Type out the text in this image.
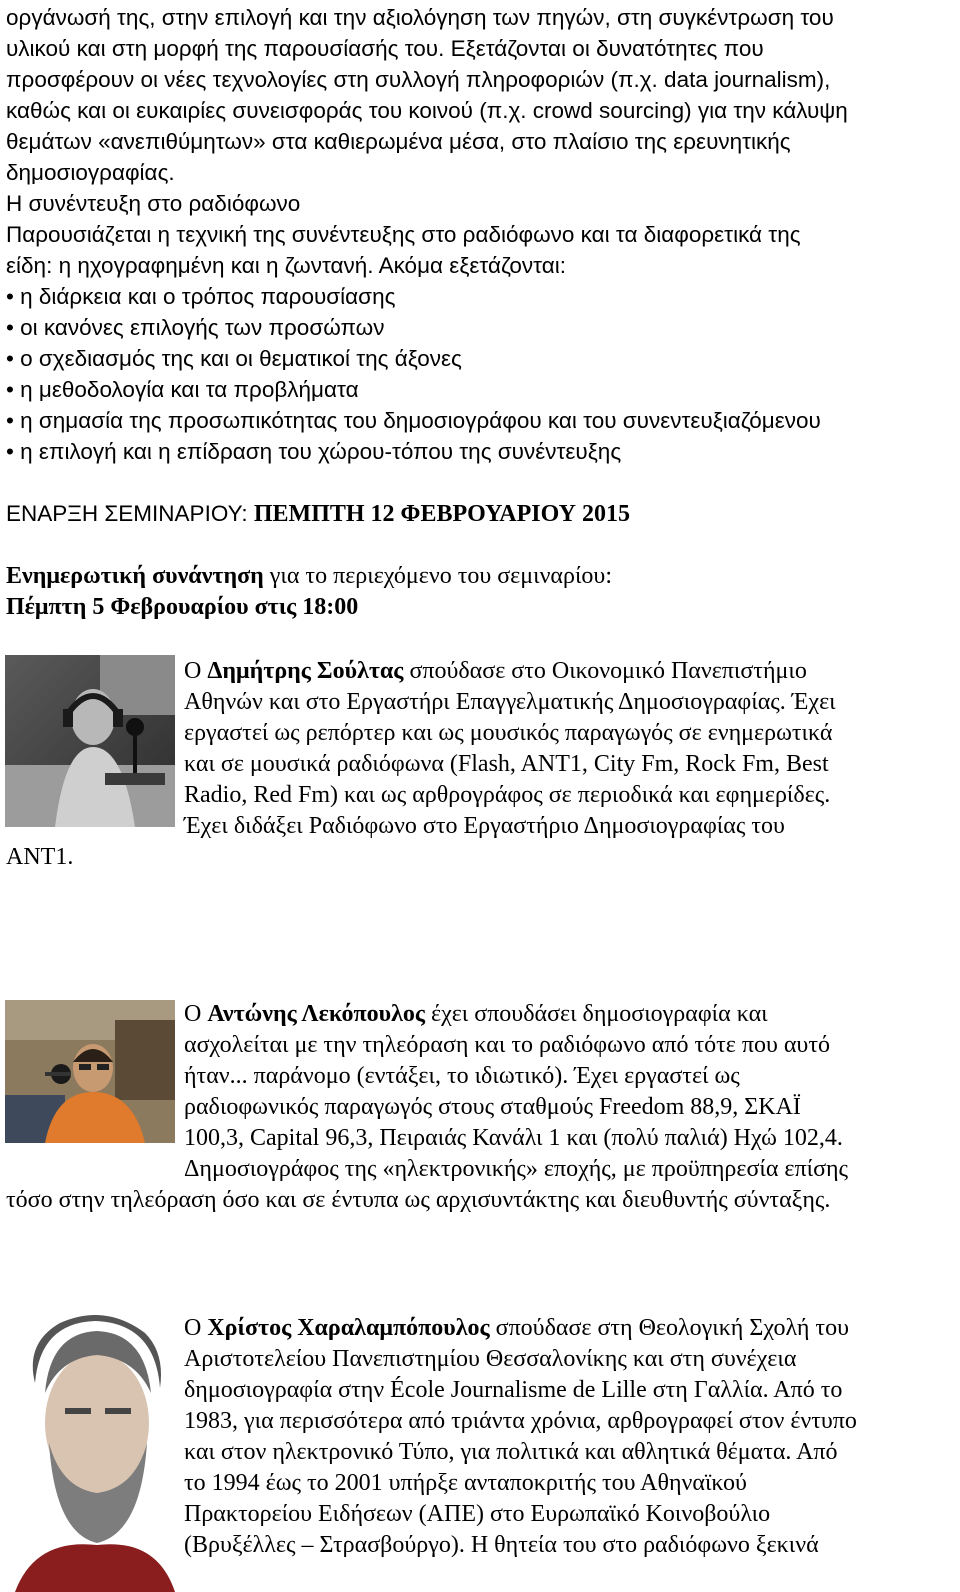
οργάνωσή της, στην επιλογή και την αξιολόγηση των πηγών, στη συγκέντρωση του
υλικού και στη μορφή της παρουσίασής του. Εξετάζονται οι δυνατότητες που
προσφέρουν οι νέες τεχνολογίες στη συλλογή πληροφοριών (π.χ. data journalism),
καθώς και οι ευκαιρίες συνεισφοράς του κοινού (π.χ. crowd sourcing) για την κάλυψη
θεμάτων «ανεπιθύμητων» στα καθιερωμένα μέσα, στο πλαίσιο της ερευνητικής
δημοσιογραφίας.
Η συνέντευξη στο ραδιόφωνο
Παρουσιάζεται η τεχνική της συνέντευξης στο ραδιόφωνο και τα διαφορετικά της
είδη: η ηχογραφημένη και η ζωντανή. Ακόμα εξετάζονται:
• η διάρκεια και ο τρόπος παρουσίασης
• οι κανόνες επιλογής των προσώπων
• ο σχεδιασμός της και οι θεματικοί της άξονες
• η μεθοδολογία και τα προβλήματα
• η σημασία της προσωπικότητας του δημοσιογράφου και του συνεντευξιαζόμενου
• η επιλογή και η επίδραση του χώρου-τόπου της συνέντευξης
ΕΝΑΡΞΗ ΣΕΜΙΝΑΡΙΟΥ: ΠΕΜΠΤΗ 12 ΦΕΒΡΟΥΑΡΙΟΥ 2015
Ενημερωτική συνάντηση για το περιεχόμενο του σεμιναρίου:
Πέμπτη 5 Φεβρουαρίου στις 18:00
Ο Δημήτρης Σούλτας σπούδασε στο Οικονομικό Πανεπιστήμιο
Αθηνών και στο Εργαστήρι Επαγγελματικής Δημοσιογραφίας. Έχει
εργαστεί ως ρεπόρτερ και ως μουσικός παραγωγός σε ενημερωτικά
και σε μουσικά ραδιόφωνα (Flash, ANT1, City Fm, Rock Fm, Best
Radio, Red Fm) και ως αρθρογράφος σε περιοδικά και εφημερίδες.
Έχει διδάξει Ραδιόφωνο στο Εργαστήριο Δημοσιογραφίας του
ΑΝΤ1.
Ο Αντώνης Λεκόπουλος έχει σπουδάσει δημοσιογραφία και
ασχολείται με την τηλεόραση και το ραδιόφωνο από τότε που αυτό
ήταν... παράνομο (εντάξει, το ιδιωτικό). Έχει εργαστεί ως
ραδιοφωνικός παραγωγός στους σταθμούς Freedom 88,9, ΣΚΑΪ
100,3, Capital 96,3, Πειραιάς Κανάλι 1 και (πολύ παλιά) Ηχώ 102,4.
Δημοσιογράφος της «ηλεκτρονικής» εποχής, με προϋπηρεσία επίσης
τόσο στην τηλεόραση όσο και σε έντυπα ως αρχισυντάκτης και διευθυντής σύνταξης.
Ο Χρίστος Χαραλαμπόπουλος σπούδασε στη Θεολογική Σχολή του
Αριστοτελείου Πανεπιστημίου Θεσσαλονίκης και στη συνέχεια
δημοσιογραφία στην École Journalisme de Lille στη Γαλλία. Από το
1983, για περισσότερα από τριάντα χρόνια, αρθρογραφεί στον έντυπο
και στον ηλεκτρονικό Τύπο, για πολιτικά και αθλητικά θέματα. Από
το 1994 έως το 2001 υπήρξε ανταποκριτής του Αθηναϊκού
Πρακτορείου Ειδήσεων (ΑΠΕ) στο Ευρωπαϊκό Κοινοβούλιο
(Βρυξέλλες – Στρασβούργο). Η θητεία του στο ραδιόφωνο ξεκινά
